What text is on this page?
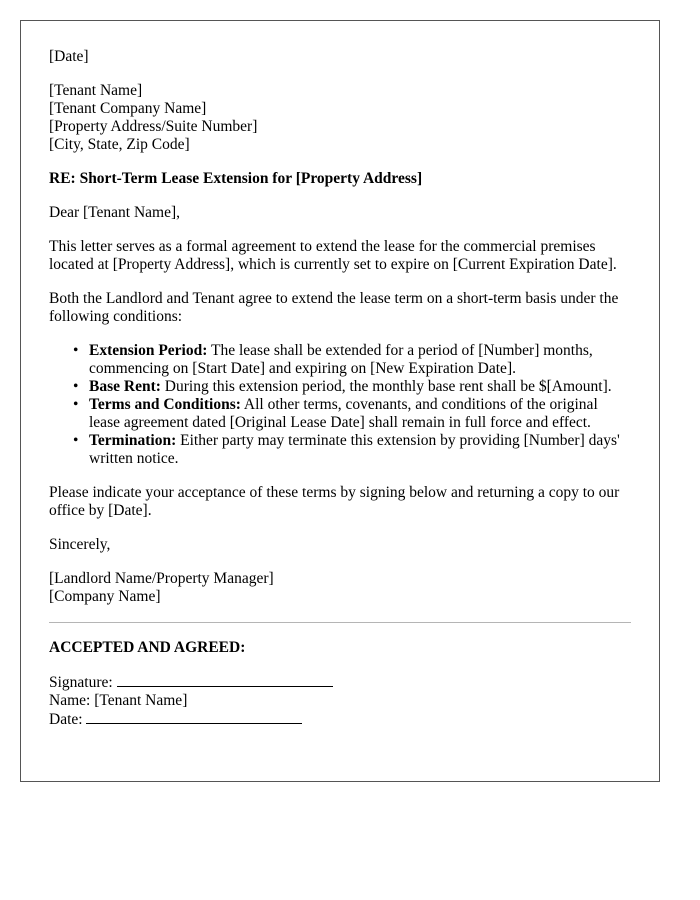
[Date]

[Tenant Name]
[Tenant Company Name]
[Property Address/Suite Number]
[City, State, Zip Code]

RE: Short-Term Lease Extension for [Property Address]

Dear [Tenant Name],

This letter serves as a formal agreement to extend the lease for the commercial premises located at [Property Address], which is currently set to expire on [Current Expiration Date].

Both the Landlord and Tenant agree to extend the lease term on a short-term basis under the following conditions:

• Extension Period: The lease shall be extended for a period of [Number] months, commencing on [Start Date] and expiring on [New Expiration Date].
• Base Rent: During this extension period, the monthly base rent shall be $[Amount].
• Terms and Conditions: All other terms, covenants, and conditions of the original lease agreement dated [Original Lease Date] shall remain in full force and effect.
• Termination: Either party may terminate this extension by providing [Number] days' written notice.

Please indicate your acceptance of these terms by signing below and returning a copy to our office by [Date].

Sincerely,

[Landlord Name/Property Manager]
[Company Name]

ACCEPTED AND AGREED:

Signature:
Name: [Tenant Name]
Date:
